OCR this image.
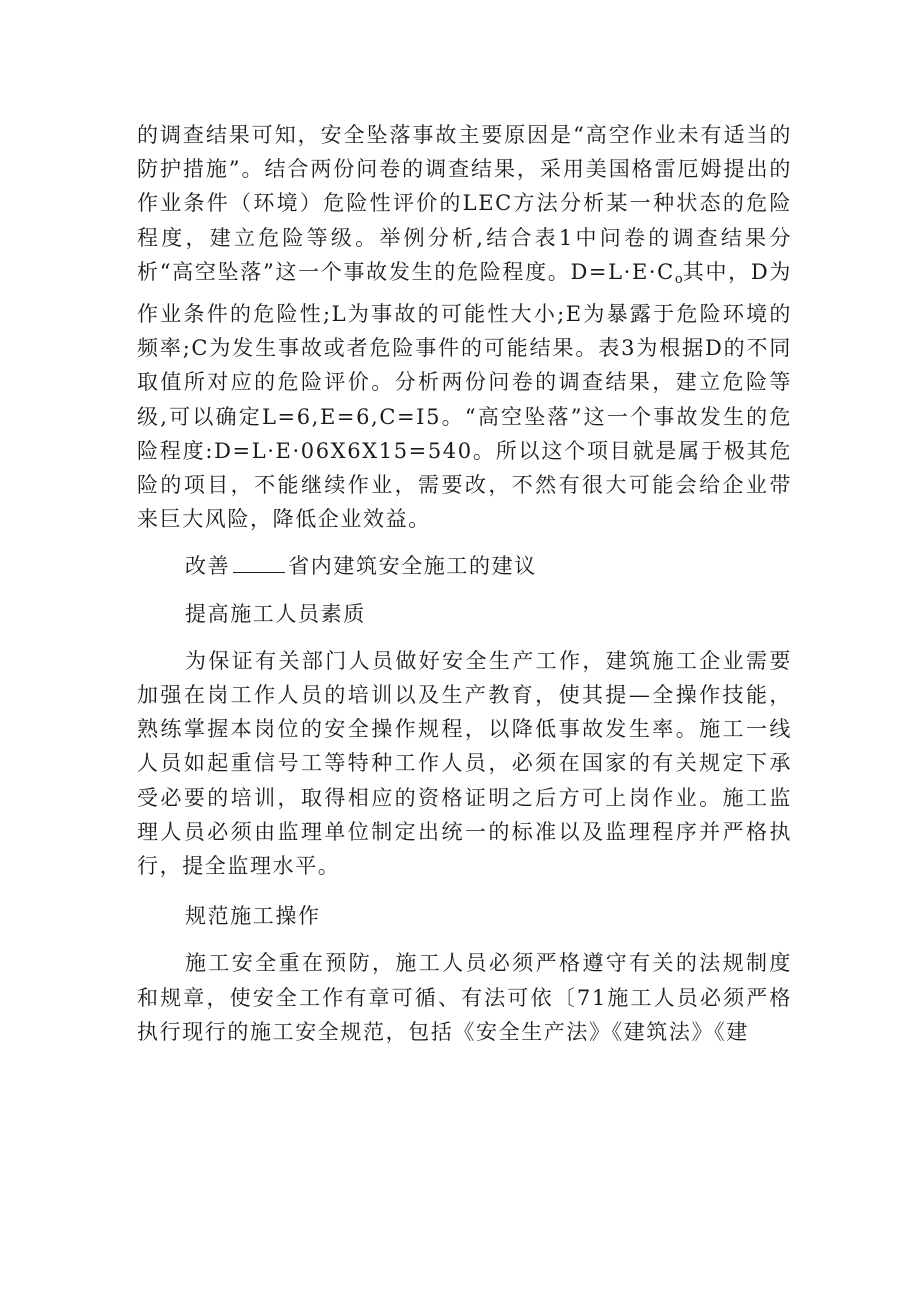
的调查结果可知，安全坠落事故主要原因是“高空作业未有适当的防护措施”。结合两份问卷的调查结果，采用美国格雷厄姆提出的作业条件（环境）危险性评价的LEC方法分析某一种状态的危险程度，建立危险等级。举例分析,结合表1中问卷的调查结果分析“高空坠落”这一个事故发生的危险程度。$D=L\cdot E\cdot C_o$其中，D为作业条件的危险性;L为事故的可能性大小;E为暴露于危险环境的频率;C为发生事故或者危险事件的可能结果。表3为根据D的不同取值所对应的危险评价。分析两份问卷的调查结果，建立危险等级,可以确定L=6,E=6,C=I5。“高空坠落”这一个事故发生的危险程度:D=L·E·06X6X15=540。所以这个项目就是属于极其危险的项目，不能继续作业，需要改，不然有很大可能会给企业带来巨大风险，降低企业效益。

改善	省内建筑安全施工的建议

提高施工人员素质

为保证有关部门人员做好安全生产工作，建筑施工企业需要加强在岗工作人员的培训以及生产教育，使其提—全操作技能，熟练掌握本岗位的安全操作规程，以降低事故发生率。施工一线人员如起重信号工等特种工作人员，必须在国家的有关规定下承受必要的培训，取得相应的资格证明之后方可上岗作业。施工监理人员必须由监理单位制定出统一的标准以及监理程序并严格执行，提全监理水平。

规范施工操作

施工安全重在预防，施工人员必须严格遵守有关的法规制度和规章，使安全工作有章可循、有法可依〔71施工人员必须严格执行现行的施工安全规范，包括《安全生产法》《建筑法》《建
